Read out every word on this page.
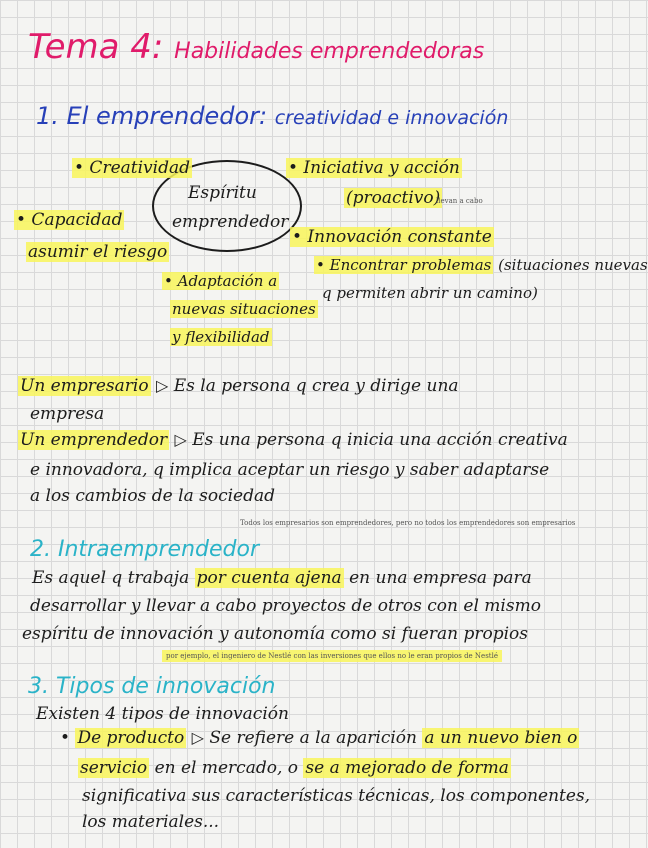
Tema 4: Habilidades emprendedoras
1. El emprendedor: creatividad e innovación
Espíritu
emprendedor
• Creatividad
• Capacidad
asumir el riesgo
• Adaptación a
nuevas situaciones
y flexibilidad
• Iniciativa y acción
(proactivo)
llevan a cabo
• Innovación constante
• Encontrar problemas (situaciones nuevas
q permiten abrir un camino)
Un empresario ▷ Es la persona q crea y dirige una
empresa
Un emprendedor ▷ Es una persona q inicia una acción creativa
e innovadora, q implica aceptar un riesgo y saber adaptarse
a los cambios de la sociedad
Todos los empresarios son emprendedores, pero no todos los emprendedores son empresarios
2. Intraemprendedor
Es aquel q trabaja por cuenta ajena en una empresa para
desarrollar y llevar a cabo proyectos de otros con el mismo
espíritu de innovación y autonomía como si fueran propios
por ejemplo, el ingeniero de Nestlé con las inversiones que ellos no le eran propios de Nestlé
3. Tipos de innovación
Existen 4 tipos de innovación
• De producto ▷ Se refiere a la aparición a un nuevo bien o
servicio en el mercado, o se a mejorado de forma
significativa sus características técnicas, los componentes,
los materiales...
